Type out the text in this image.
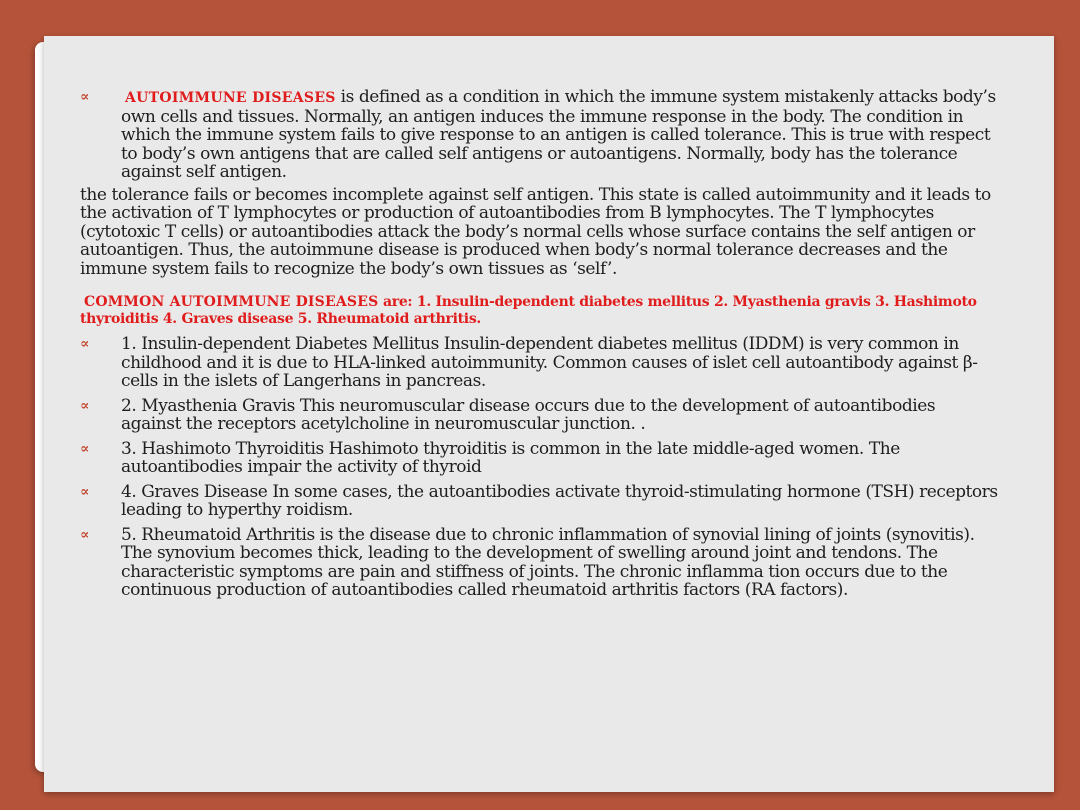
∝	AUTOIMMUNE DISEASES is defined as a condition in which the immune system mistakenly attacks body’s own cells and tissues. Normally, an antigen induces the immune response in the body. The condition in which the immune system fails to give response to an antigen is called tolerance. This is true with respect to body’s own antigens that are called self antigens or autoantigens. Normally, body has the tolerance against self antigen.
the tolerance fails or becomes incomplete against self antigen. This state is called autoimmunity and it leads to the activation of T lymphocytes or production of autoantibodies from B lymphocytes. The T lymphocytes (cytotoxic T cells) or autoantibodies attack the body’s normal cells whose surface contains the self antigen or autoantigen. Thus, the autoimmune disease is produced when body’s normal tolerance decreases and the immune system fails to recognize the body’s own tissues as ‘self’.
COMMON AUTOIMMUNE DISEASES are: 1. Insulin-dependent diabetes mellitus 2. Myasthenia gravis 3. Hashimoto thyroiditis 4. Graves disease 5. Rheumatoid arthritis.
∝ 1. Insulin-dependent Diabetes Mellitus Insulin-dependent diabetes mellitus (IDDM) is very common in childhood and it is due to HLA-linked autoimmunity. Common causes of islet cell autoantibody against β-cells in the islets of Langerhans in pancreas.
∝ 2. Myasthenia Gravis This neuromuscular disease occurs due to the development of autoantibodies against the receptors acetylcholine in neuromuscular junction. .
∝ 3. Hashimoto Thyroiditis Hashimoto thyroiditis is common in the late middle-aged women. The autoantibodies impair the activity of thyroid
∝ 4. Graves Disease In some cases, the autoantibodies activate thyroid-stimulating hormone (TSH) receptors leading to hyperthy roidism.
∝ 5. Rheumatoid Arthritis is the disease due to chronic inflammation of synovial lining of joints (synovitis). The synovium becomes thick, leading to the development of swelling around joint and tendons. The characteristic symptoms are pain and stiffness of joints. The chronic inflamma tion occurs due to the continuous production of autoantibodies called rheumatoid arthritis factors (RA factors).
